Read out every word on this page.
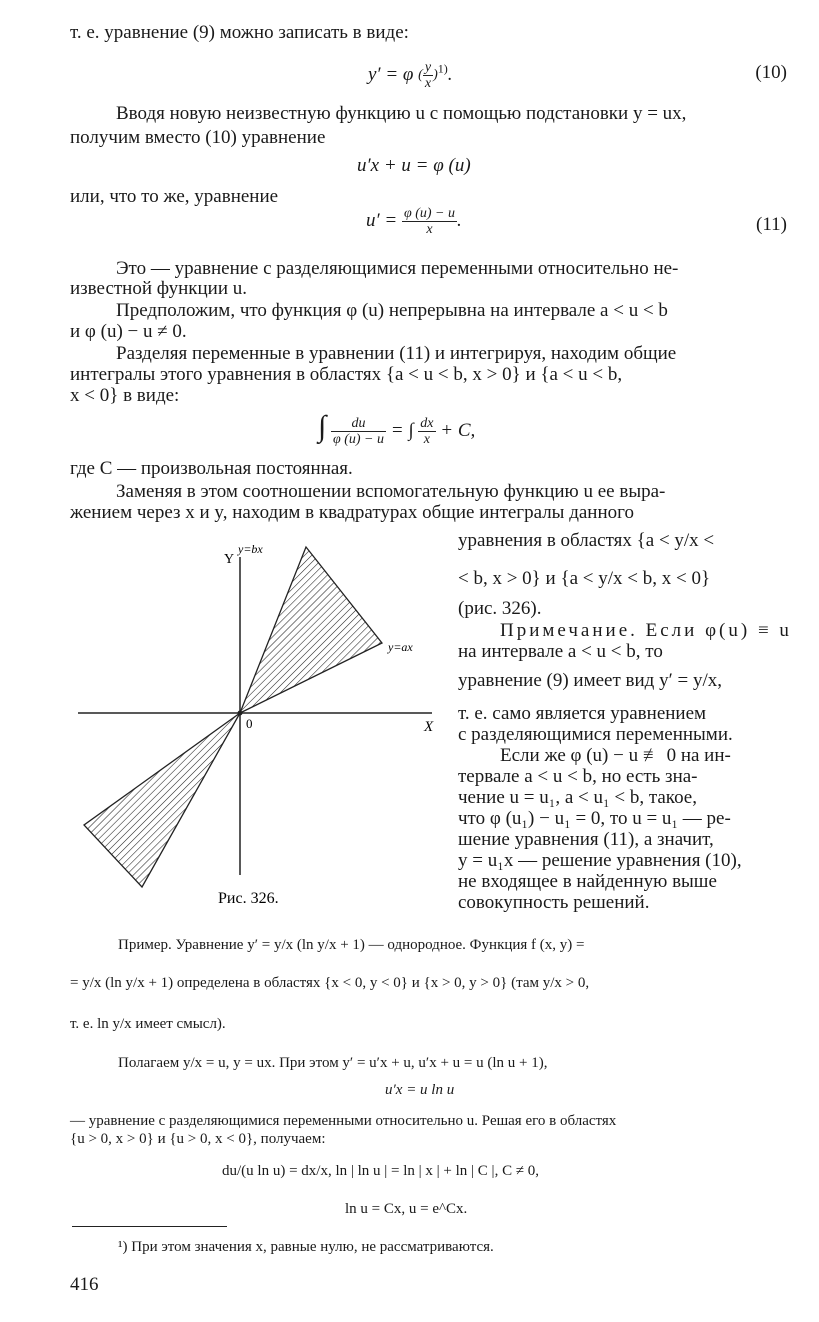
т. е. уравнение (9) можно записать в виде:
y′ = φ ( $\frac{y}{x} )^{1)}$.	(10)
Вводя новую неизвестную функцию u с помощью подстановки y = ux,
получим вместо (10) уравнение
u′x + u = φ (u)
или, что то же, уравнение
$u' = \frac{\varphi (u) - u}{x}$ .	(11)
Это — уравнение с разделяющимися переменными относительно не-
известной функции u.
Предположим, что функция φ (u) непрерывна на интервале a < u < b
и φ (u) − u ≠ 0.
Разделяя переменные в уравнении (11) и интегрируя, находим общие
интегралы этого уравнения в областях {a < u < b, x > 0} и {a < u < b,
x < 0} в виде:
∫ $\frac{du}{\varphi (u) - u}$ = ∫ $\frac{dx}{x} + C$,
где C — произвольная постоянная.
Заменяя в этом соотношении вспомогательную функцию u ее выра-
жением через x и y, находим в квадратурах общие интегралы данного
уравнения в областях {a < y/x <
< b, x > 0} и {a < y/x < b, x < 0}
(рис. 326).
Примечание. Если φ(u) ≡ u
на интервале a < u < b, то
уравнение (9) имеет вид y′ = y/x,
т. е. само является уравнением
с разделяющимися переменными.
Если же φ (u) − u ≢ 0 на ин-
тервале a < u < b, но есть зна-
чение u = u₁, a < u₁ < b, такое,
что φ (u₁) − u₁ = 0, то u = u₁ — ре-
шение уравнения (11), а значит,
y = u₁x — решение уравнения (10),
не входящее в найденную выше
совокупность решений.
y=bx
y=ax
Y
X
0
Рис. 326.
Пример. Уравнение y′ = y/x (ln y/x + 1) — однородное. Функция f (x, y) =
= y/x (ln y/x + 1) определена в областях {x < 0, y < 0} и {x > 0, y > 0} (там y/x > 0,
т. е. ln y/x имеет смысл).
Полагаем y/x = u, y = ux. При этом y′ = u′x + u, u′x + u = u (ln u + 1),
u′x = u ln u
— уравнение с разделяющимися переменными относительно u. Решая его в областях
{u > 0, x > 0} и {u > 0, x < 0}, получаем:
du/(u ln u) = dx/x, ln | ln u | = ln | x | + ln | C |, C ≠ 0,
ln u = Cx, u = e^Cx.
¹) При этом значения x, равные нулю, не рассматриваются.
416
